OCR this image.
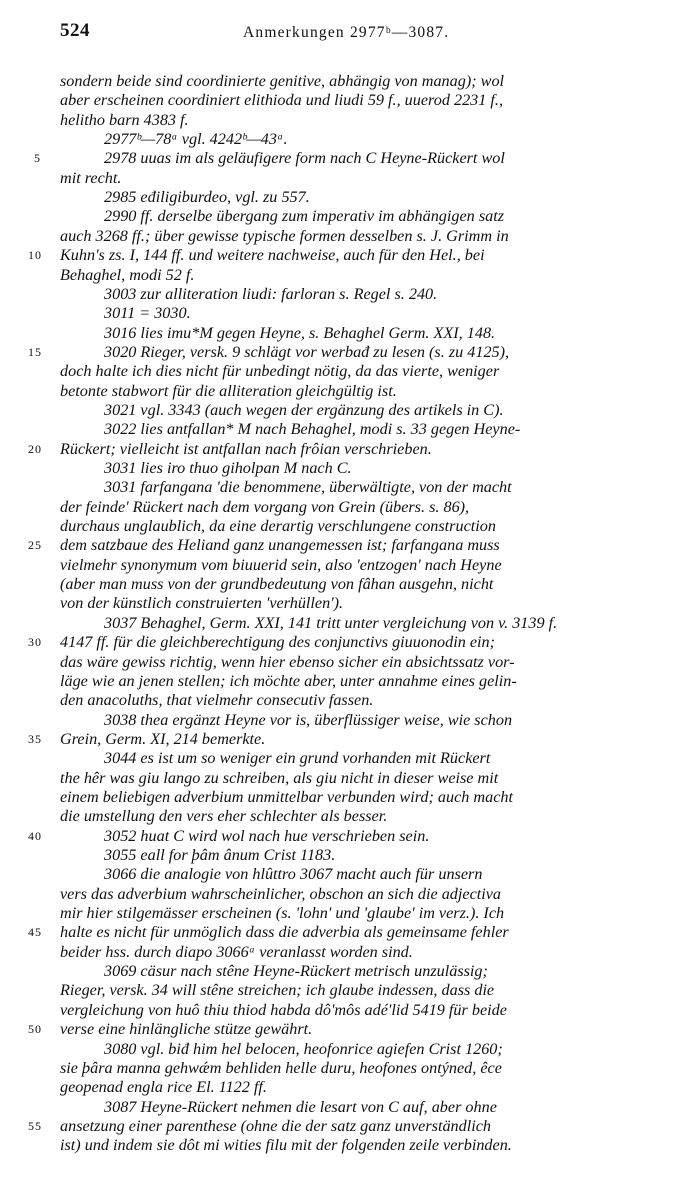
524	Anmerkungen 2977ᵇ—3087.
sondern beide sind coordinierte genitive, abhängig von manag); wol
aber erscheinen coordiniert elithioda und liudi 59 f., uuerod 2231 f.,
helitho barn 4383 f.
2977ᵇ—78ᵃ vgl. 4242ᵇ—43ᵃ.
5	2978 uuas im als geläufigere form nach C Heyne-Rückert wol
mit recht.
2985 eđiligiburdeo, vgl. zu 557.
2990 ff. derselbe übergang zum imperativ im abhängigen satz
auch 3268 ff.; über gewisse typische formen desselben s. J. Grimm in
10	Kuhn's zs. I, 144 ff. und weitere nachweise, auch für den Hel., bei
Behaghel, modi 52 f.
3003 zur alliteration liudi: farloran s. Regel s. 240.
3011 = 3030.
3016 lies imu*M gegen Heyne, s. Behaghel Germ. XXI, 148.
15	3020 Rieger, versk. 9 schlägt vor werbađ zu lesen (s. zu 4125),
doch halte ich dies nicht für unbedingt nötig, da das vierte, weniger
betonte stabwort für die alliteration gleichgültig ist.
3021 vgl. 3343 (auch wegen der ergänzung des artikels in C).
3022 lies antfallan* M nach Behaghel, modi s. 33 gegen Heyne-
20	Rückert; vielleicht ist antfallan nach frôian verschrieben.
3031 lies iro thuo giholpan M nach C.
3031 farfangana 'die benommene, überwältigte, von der macht
der feinde' Rückert nach dem vorgang von Grein (übers. s. 86),
durchaus unglaublich, da eine derartig verschlungene construction
25	dem satzbaue des Heliand ganz unangemessen ist; farfangana muss
vielmehr synonymum vom biuuerid sein, also 'entzogen' nach Heyne
(aber man muss von der grundbedeutung von fâhan ausgehn, nicht
von der künstlich construierten 'verhüllen').
3037 Behaghel, Germ. XXI, 141 tritt unter vergleichung von v. 3139 f.
30	4147 ff. für die gleichberechtigung des conjunctivs giuuonodin ein;
das wäre gewiss richtig, wenn hier ebenso sicher ein absichtssatz vor-
läge wie an jenen stellen; ich möchte aber, unter annahme eines gelin-
den anacoluths, that vielmehr consecutiv fassen.
3038 thea ergänzt Heyne vor is, überflüssiger weise, wie schon
35	Grein, Germ. XI, 214 bemerkte.
3044 es ist um so weniger ein grund vorhanden mit Rückert
the hêr was giu lango zu schreiben, als giu nicht in dieser weise mit
einem beliebigen adverbium unmittelbar verbunden wird; auch macht
die umstellung den vers eher schlechter als besser.
40	3052 huat C wird wol nach hue verschrieben sein.
3055 eall for þâm ânum Crist 1183.
3066 die analogie von hlûttro 3067 macht auch für unsern
vers das adverbium wahrscheinlicher, obschon an sich die adjectiva
mir hier stilgemässer erscheinen (s. 'lohn' und 'glaube' im verz.). Ich
45	halte es nicht für unmöglich dass die adverbia als gemeinsame fehler
beider hss. durch diapo 3066ᵃ veranlasst worden sind.
3069 cäsur nach stêne Heyne-Rückert metrisch unzulässig;
Rieger, versk. 34 will stêne streichen; ich glaube indessen, dass die
vergleichung von huô thiu thiod habda dô'môs adé'lid 5419 für beide
50	verse eine hinlängliche stütze gewährt.
3080 vgl. biđ him hel belocen, heofonrice agiefen Crist 1260;
sie þâra manna gehwǽm behliden helle duru, heofones ontýned, êce
geopenad engla rice El. 1122 ff.
3087 Heyne-Rückert nehmen die lesart von C auf, aber ohne
55	ansetzung einer parenthese (ohne die der satz ganz unverständlich
ist) und indem sie dôt mi wities filu mit der folgenden zeile verbinden.
